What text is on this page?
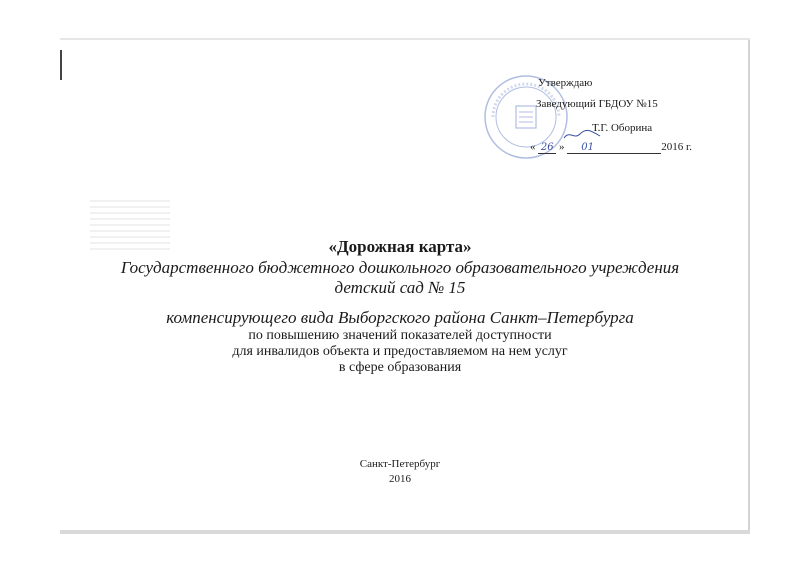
Утверждаю
Заведующий ГБДОУ №15
Т.Г. Оборина
« 26 » 01	2016 г.

«Дорожная карта»

Государственного бюджетного дошкольного образовательного учреждения

детский сад № 15

компенсирующего вида Выборгского района Санкт–Петербурга

по повышению значений показателей доступности

для инвалидов объекта и предоставляемом на нем услуг

в сфере образования

Санкт-Петербург
2016
